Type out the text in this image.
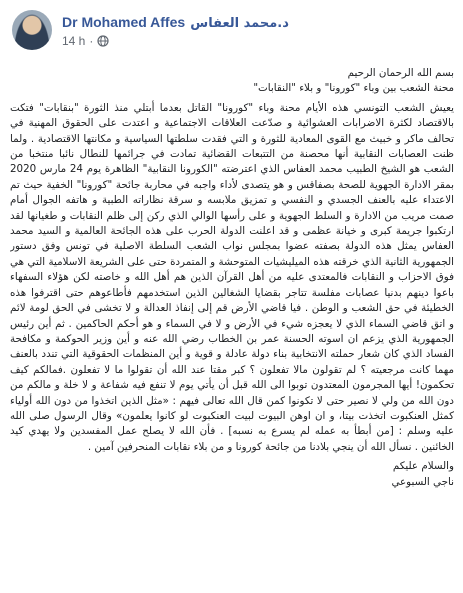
Dr Mohamed Affes د.محمد العفاس
14 h ·

بسم الله الرحمان الرحيم

محنة الشعب بين وباء "كورونا" و بلاء "النقابات"

يعيش الشعب التونسي هذه الأيام محنة وباء "كورونا" القاتل بعدما أبتلي منذ الثورة "بنقابات" فتكت بالاقتصاد لكثرة الاضرابات العشوائية و صدّعت العلاقات الاجتماعية و اعتدت على الحقوق المهنية في تحالف ماكر و خبيث مع القوى المعادية للثورة و التي فقدت سلطتها السياسية و مكانتها الاقتصادية . ولما ظنت العصابات النقابية أنها محصنة من التتبعات القضائية تمادت في جرائمها للنطال نائبا منتخبا من الشعب هو الشيخ الطبيب محمد العفاس الذي اعترضته "الكورونا النقابية" الظاهرة يوم 24 مارس 2020 بمقر الادارة الجهوية للصحة بصفاقس و هو يتصدى لأداء واجبه في محاربة جائحة "كورونا" الخفية حيث تم الاعتداء عليه بالعنف الجسدي و النفسي و تمزيق ملابسه و سرقة نظاراته الطبية و هاتفه الجوال أمام صمت مريب من الادارة و السلط الجهوية و على رأسها الوالي الذي ركن إلى ظلم النقابات و طغيانها لقد ارتكبوا جريمة كبرى و خيانة عظمى و قد اعلنت الدولة الحرب على هذه الجائحة العالمية و السيد محمد العفاس يمثل هذه الدولة بصفته عضوا بمجلس نواب الشعب السلطة الاصلية في تونس وفق دستور الجمهورية الثانية الذي خرقته هذه الميليشيات المتوحشة و المتمردة حتى على الشريعة الاسلامية التي هي فوق الاحزاب و النقابات فالمعتدى عليه من أهل القرآن الذين هم أهل الله و خاصته لكن هؤلاء السفهاء باعوا دينهم بدنيا عصابات مفلسة تتاجر بقضايا الشغالين الذين استخدمهم فأطاعوهم حتى اقترفوا هذه الخطيئة في حق الشعب و الوطن . فيا قاضي الأرض قم إلى إنفاذ العدالة و لا تخشى في الحق لومة لائم و اتق قاضي السماء الذي لا يعجزه شيء في الأرض و لا في السماء و هو أحكم الحاكمين . ثم أين رئيس الجمهورية الذي يزعم ان اسوته الحسنة عمر بن الخطاب رضي الله عنه و أين وزير الحوكمة و مكافحة الفساد الذي كان شعار حملته الانتخابية بناء دولة عادلة و قوية و أين المنظمات الحقوقية التي تندد بالعنف مهما كانت مرجعيته ؟ لم تقولون مالا تفعلون ؟ كبر مقتا عند الله أن تقولوا ما لا تفعلون .فمالكم كيف تحكمون! أيها المجرمون المعتدون توبوا الى الله قبل أن يأتي يوم لا تنفع فيه شفاعة و لا خلة و مالكم من دون الله من ولي لا نصير حتى لا تكونوا كمن قال الله تعالى فيهم : «مثل الذين اتخذوا من دون الله أولياء كمثل العنكبوت اتخذت بيتا، و ان اوهن البيوت لبيت العنكبوت لو كانوا يعلمون» وقال الرسول صلى الله عليه وسلم : [من أبطأ به عمله لم يسرع به نسبه] . فأن الله لا يصلح عمل المفسدين ولا يهدي كيد الخائنين . نسأل الله أن ينجي بلادنا من جائحة كورونا و من بلاء نقابات المنحرفين آمين .

والسلام عليكم

ناجي السبوعي
